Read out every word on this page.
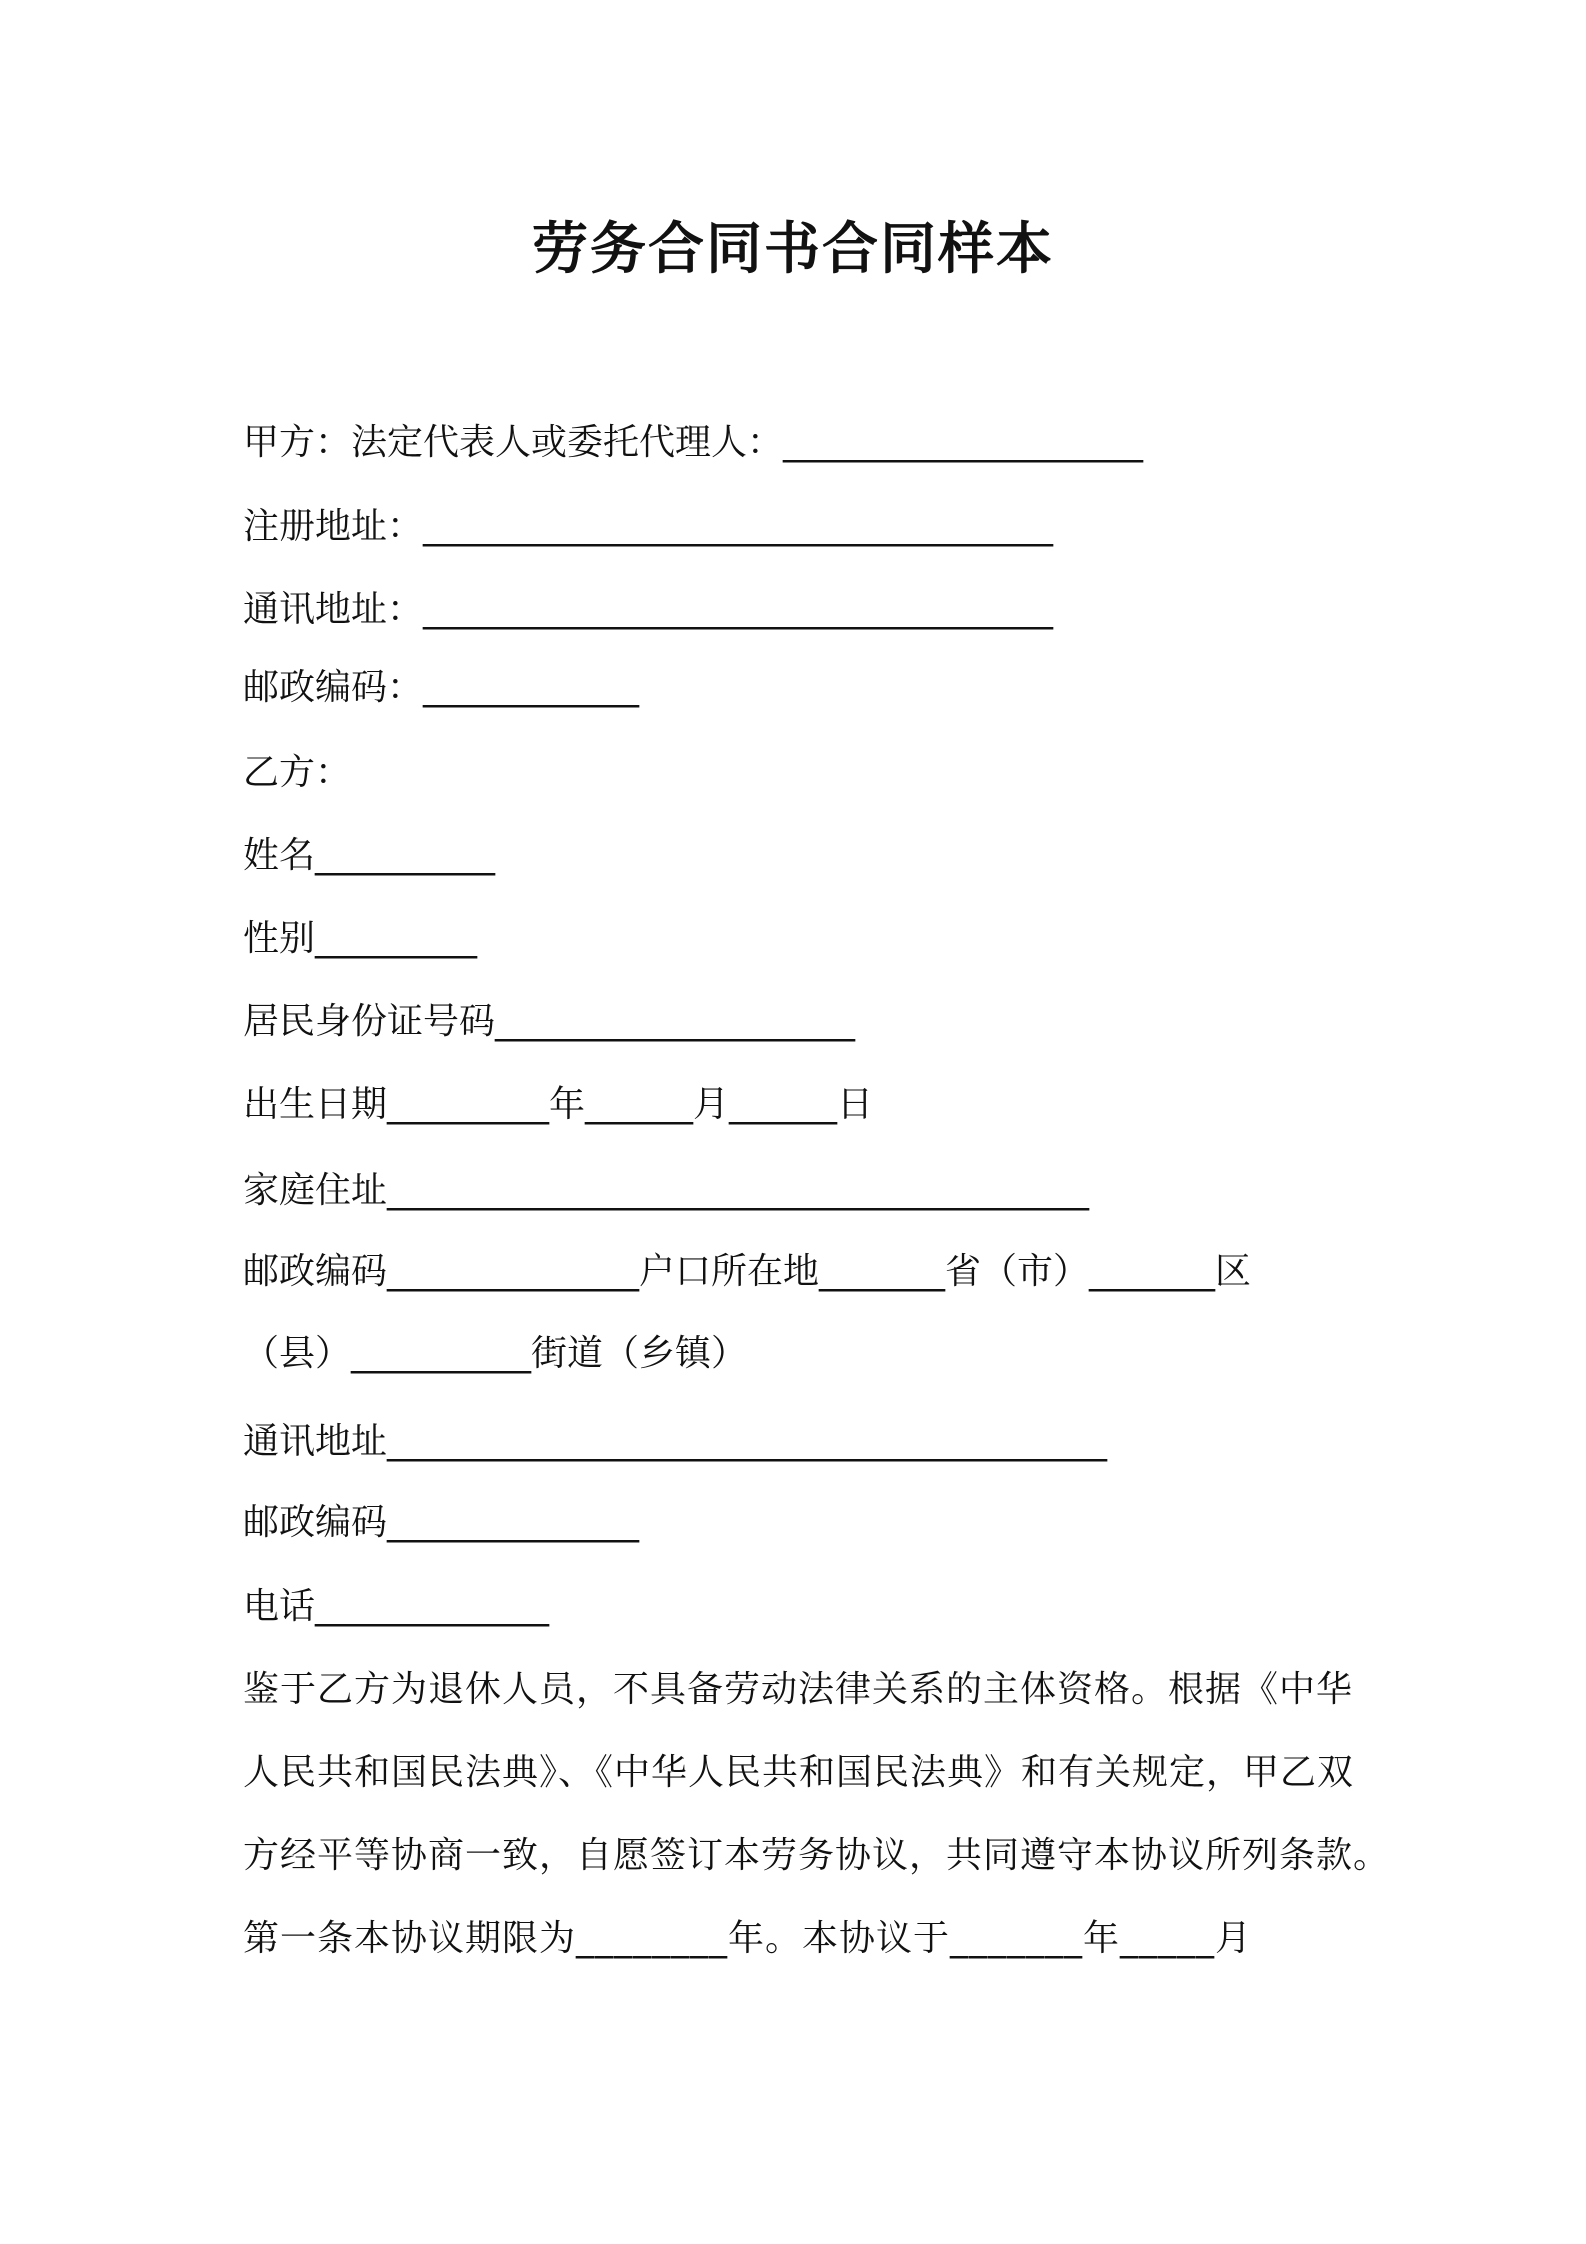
劳务合同书合同样本
甲方：法定代表人或委托代理人：____________________
注册地址：___________________________________
通讯地址：___________________________________
邮政编码：____________
乙方：
姓名__________
性别_________
居民身份证号码____________________
出生日期_________年______月______日
家庭住址_______________________________________
邮政编码______________户口所在地_______省（市）_______区
（县）__________街道（乡镇）
通讯地址________________________________________
邮政编码______________
电话_____________
鉴于乙方为退休人员，不具备劳动法律关系的主体资格。根据《中华
人民共和国民法典》、《中华人民共和国民法典》和有关规定，甲乙双
方经平等协商一致，自愿签订本劳务协议，共同遵守本协议所列条款。
第一条本协议期限为________年。本协议于_______年_____月
